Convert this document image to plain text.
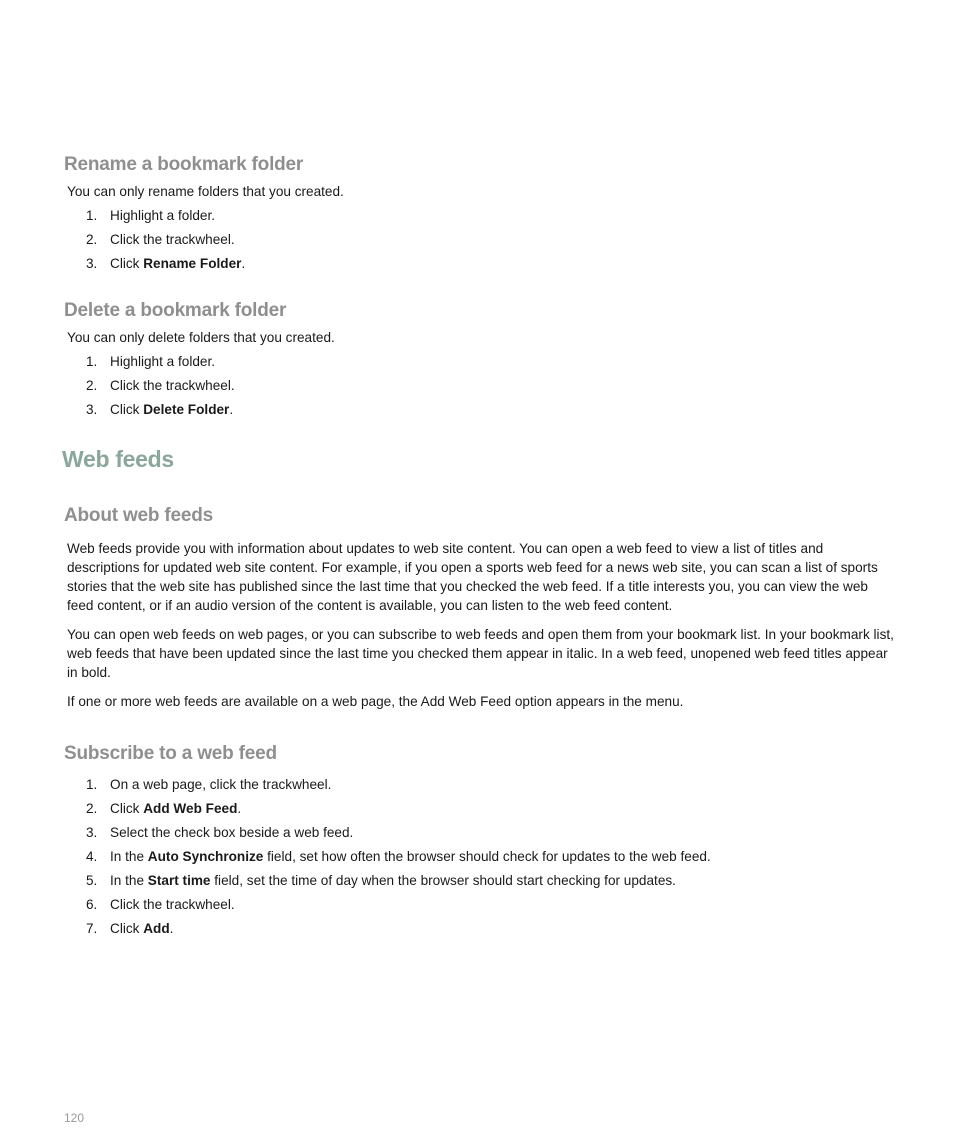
Rename a bookmark folder

You can only rename folders that you created.

1. Highlight a folder.
2. Click the trackwheel.
3. Click Rename Folder.
Delete a bookmark folder

You can only delete folders that you created.

1. Highlight a folder.
2. Click the trackwheel.
3. Click Delete Folder.
Web feeds
About web feeds

Web feeds provide you with information about updates to web site content. You can open a web feed to view a list of titles and descriptions for updated web site content. For example, if you open a sports web feed for a news web site, you can scan a list of sports stories that the web site has published since the last time that you checked the web feed. If a title interests you, you can view the web feed content, or if an audio version of the content is available, you can listen to the web feed content.

You can open web feeds on web pages, or you can subscribe to web feeds and open them from your bookmark list. In your bookmark list, web feeds that have been updated since the last time you checked them appear in italic. In a web feed, unopened web feed titles appear in bold.

If one or more web feeds are available on a web page, the Add Web Feed option appears in the menu.

Subscribe to a web feed
1. On a web page, click the trackwheel.
2. Click Add Web Feed.
3. Select the check box beside a web feed.
4. In the Auto Synchronize field, set how often the browser should check for updates to the web feed.
5. In the Start time field, set the time of day when the browser should start checking for updates.
6. Click the trackwheel.
7. Click Add.
120
